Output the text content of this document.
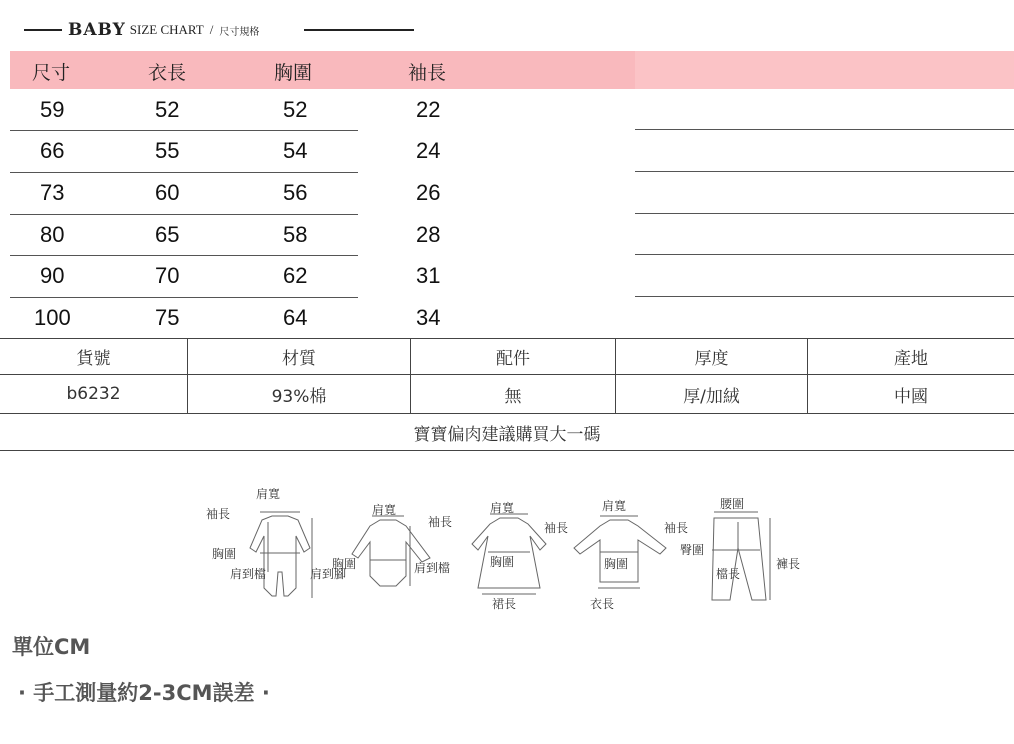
BABY SIZE CHART / 尺寸規格
尺寸	衣長	胸圍	袖長
59	52	52	22
66	55	54	24
73	60	56	26
80	65	58	28
90	70	62	31
100	75	64	34
貨號	材質	配件	厚度	產地
b6232	93%棉	無	厚/加絨	中國
寶寶偏肉建議購買大一碼
肩寬
袖長
胸圍
肩到檔	肩到腳
肩寬
袖長
胸圍	肩到檔
肩寬
袖長
胸圍
裙長
肩寬
袖長
胸圍
衣長
腰圍
臀圍
檔長
褲長
單位CM
· 手工測量約2-3CM誤差 ·
